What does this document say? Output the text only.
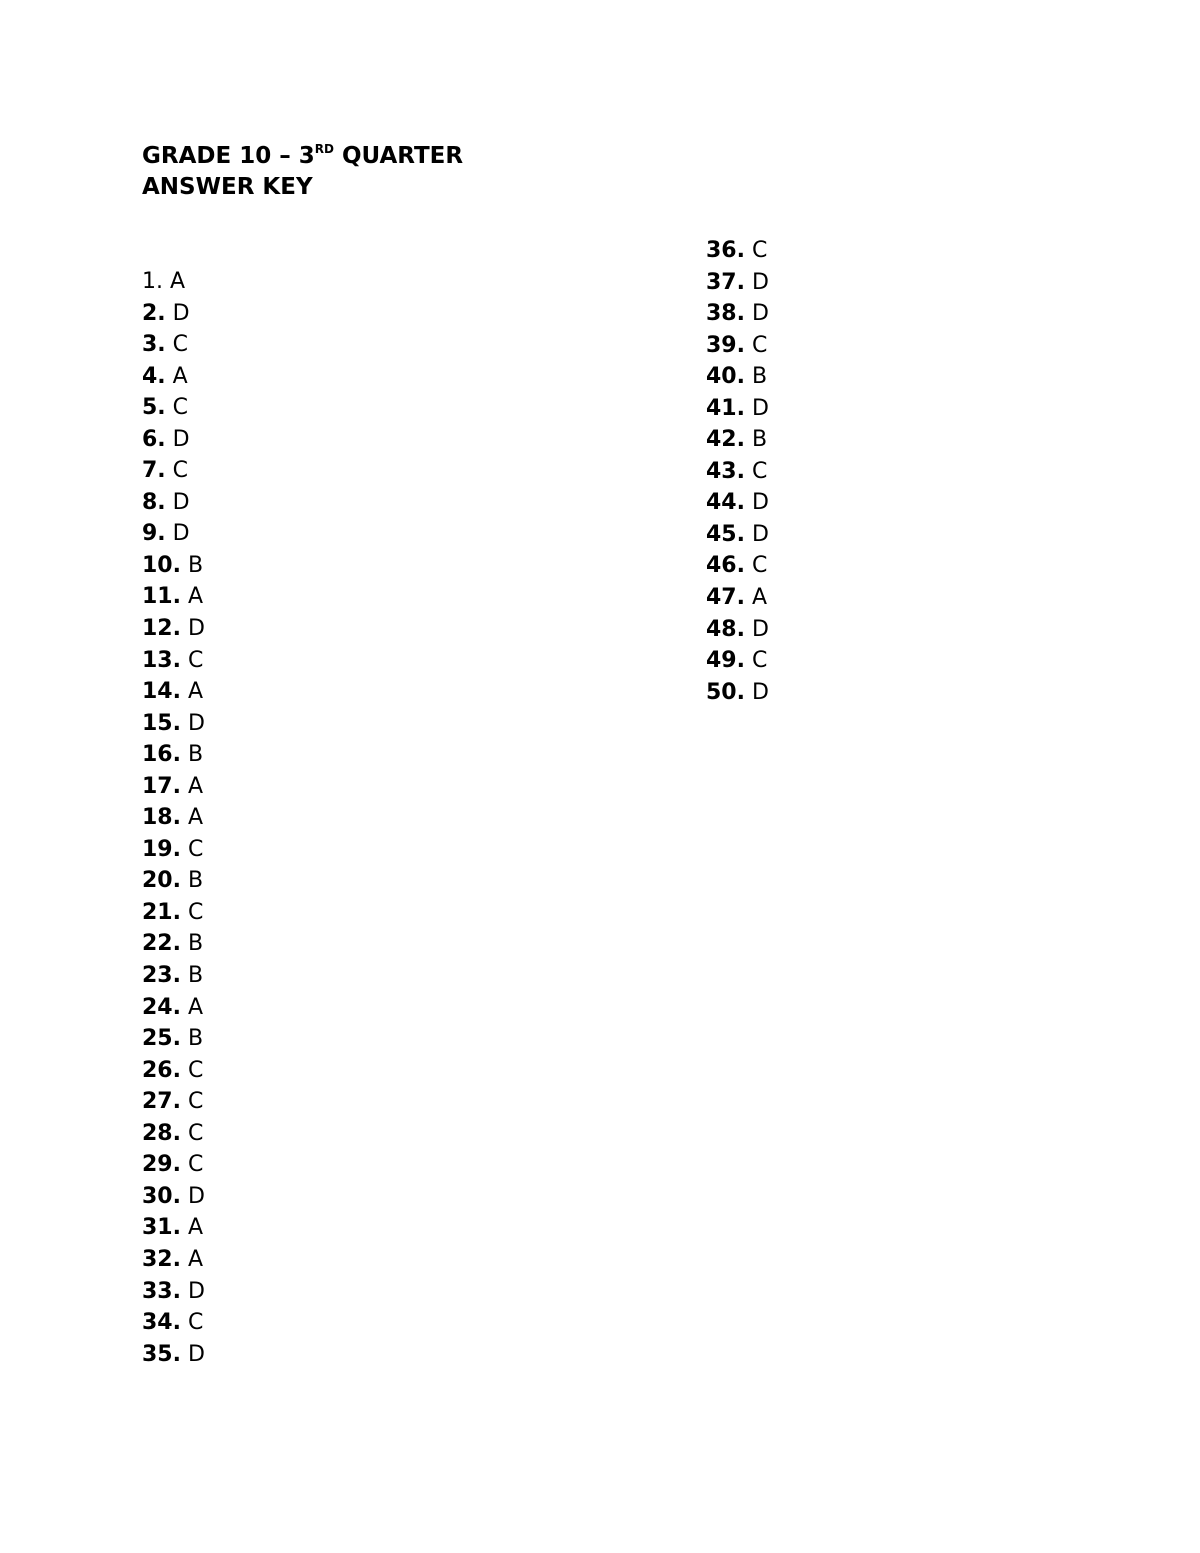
GRADE 10 – 3RD QUARTER
ANSWER KEY
1. A
2. D
3. C
4. A
5. C
6. D
7. C
8. D
9. D
10. B
11. A
12. D
13. C
14. A
15. D
16. B
17. A
18. A
19. C
20. B
21. C
22. B
23. B
24. A
25. B
26. C
27. C
28. C
29. C
30. D
31. A
32. A
33. D
34. C
35. D
36. C
37. D
38. D
39. C
40. B
41. D
42. B
43. C
44. D
45. D
46. C
47. A
48. D
49. C
50. D
